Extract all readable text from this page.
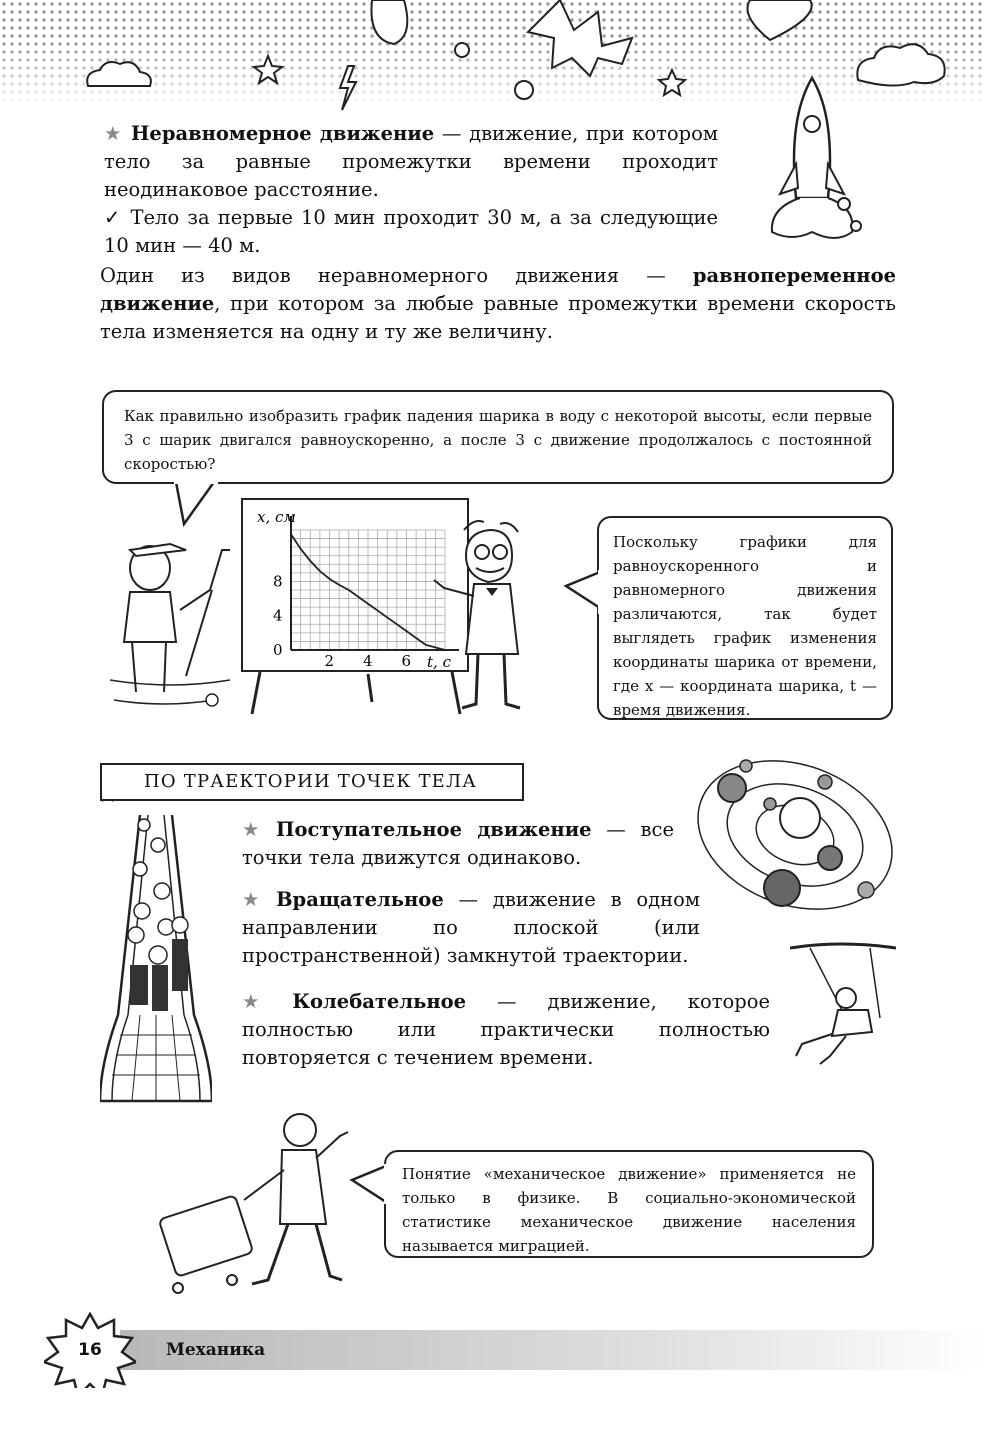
★ Неравномерное движение — движение, при котором тело за равные промежутки времени проходит неодинаковое расстояние.
✓ Тело за первые 10 мин проходит 30 м, а за следующие 10 мин — 40 м.
Один из видов неравномерного движения — равнопеременное движение, при котором за любые равные промежутки времени скорость тела изменяется на одну и ту же величину.
Как правильно изобразить график падения шарика в воду с некоторой высоты, если первые 3 с шарик двигался равноускоренно, а после 3 с движение продолжалось с постоянной скоростью?
x, см
t, с
2 4 6
0
4
8
Поскольку графики для равноускоренного и равномерного движения различаются, так будет выглядеть график изменения координаты шарика от времени, где x — координата шарика, t — время движения.
ПО ТРАЕКТОРИИ ТОЧЕК ТЕЛА
★ Поступательное движение — все точки тела движутся одинаково.
★ Вращательное — движение в одном направлении по плоской (или пространственной) замкнутой траектории.
★ Колебательное — движение, которое полностью или практически полностью повторяется с течением времени.
Понятие «механическое движение» применяется не только в физике. В социально-экономической статистике механическое движение населения называется миграцией.
16	Механика
